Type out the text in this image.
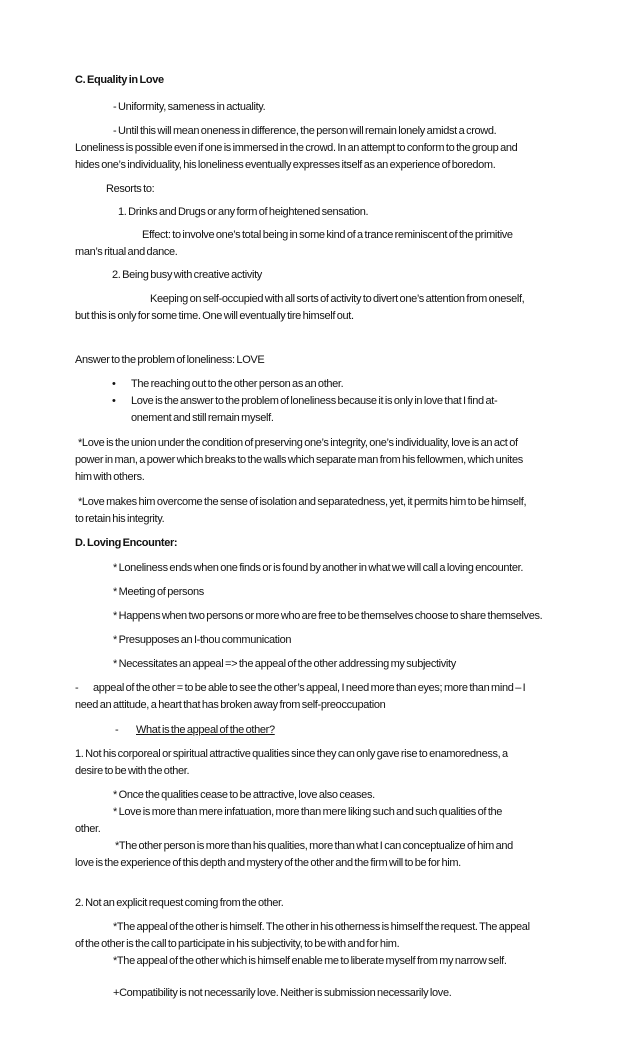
C. Equality in Love
- Uniformity, sameness in actuality.
- Until this will mean oneness in difference, the person will remain lonely amidst a crowd.
Loneliness is possible even if one is immersed in the crowd. In an attempt to conform to the group and
hides one’s individuality, his loneliness eventually expresses itself as an experience of boredom.
Resorts to:
1. Drinks and Drugs or any form of heightened sensation.
Effect: to involve one’s total being in some kind of a trance reminiscent of the primitive
man’s ritual and dance.
2. Being busy with creative activity
Keeping on self-occupied with all sorts of activity to divert one’s attention from oneself,
but this is only for some time. One will eventually tire himself out.
Answer to the problem of loneliness: LOVE
•	The reaching out to the other person as an other.
•	Love is the answer to the problem of loneliness because it is only in love that I find at-
onement and still remain myself.
*Love is the union under the condition of preserving one’s integrity, one’s individuality, love is an act of
power in man, a power which breaks to the walls which separate man from his fellowmen, which unites
him with others.
*Love makes him overcome the sense of isolation and separatedness, yet, it permits him to be himself,
to retain his integrity.
D. Loving Encounter:
* Loneliness ends when one finds or is found by another in what we will call a loving encounter.
* Meeting of persons
* Happens when two persons or more who are free to be themselves choose to share themselves.
* Presupposes an I-thou communication
* Necessitates an appeal => the appeal of the other addressing my subjectivity
-	appeal of the other = to be able to see the other’s appeal, I need more than eyes; more than mind – I
need an attitude, a heart that has broken away from self-preoccupation
-	What is the appeal of the other?
1. Not his corporeal or spiritual attractive qualities since they can only gave rise to enamoredness, a
desire to be with the other.
* Once the qualities cease to be attractive, love also ceases.
* Love is more than mere infatuation, more than mere liking such and such qualities of the
other.
*The other person is more than his qualities, more than what I can conceptualize of him and
love is the experience of this depth and mystery of the other and the firm will to be for him.
2. Not an explicit request coming from the other.
*The appeal of the other is himself. The other in his otherness is himself the request. The appeal
of the other is the call to participate in his subjectivity, to be with and for him.
*The appeal of the other which is himself enable me to liberate myself from my narrow self.
+Compatibility is not necessarily love. Neither is submission necessarily love.
